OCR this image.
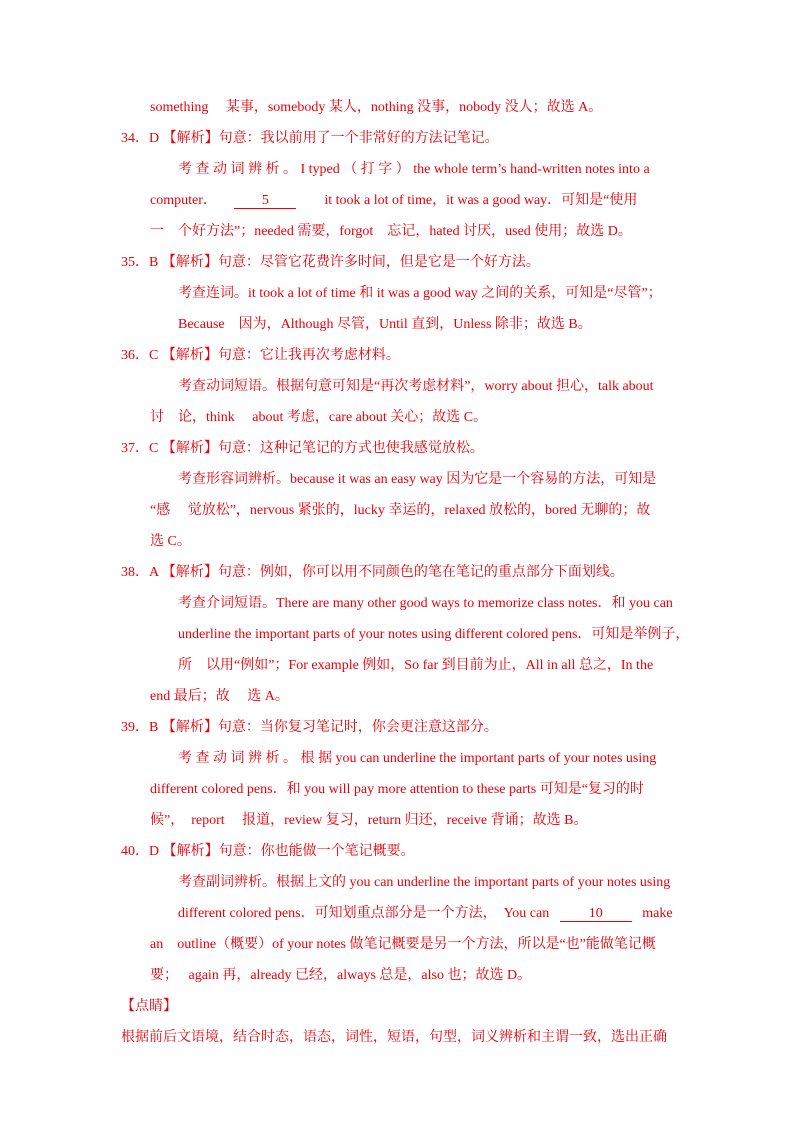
something　 某事，somebody 某人，nothing 没事，nobody 没人；故选 A。
34．D 【解析】句意：我以前用了一个非常好的方法记笔记。
考 查 动 词 辨 析 。 I typed （ 打 字 ） the whole term’s hand-written notes into a
computer．	5	it took a lot of time，it was a good way．可知是“使用
一　个好方法”；needed 需要，forgot　忘记，hated 讨厌，used 使用；故选 D。
35．B 【解析】句意：尽管它花费许多时间，但是它是一个好方法。
考查连词。it took a lot of time 和 it was a good way 之间的关系，可知是“尽管”；
Because　因为，Although 尽管，Until 直到，Unless 除非；故选 B。
36．C 【解析】句意：它让我再次考虑材料。
考查动词短语。根据句意可知是“再次考虑材料”，worry about 担心，talk about
讨　论，think　 about 考虑，care about 关心；故选 C。
37．C 【解析】句意：这种记笔记的方式也使我感觉放松。
考查形容词辨析。because it was an easy way 因为它是一个容易的方法，可知是
“感　 觉放松”，nervous 紧张的，lucky 幸运的，relaxed 放松的，bored 无聊的；故
选 C。
38．A 【解析】句意：例如，你可以用不同颜色的笔在笔记的重点部分下面划线。
考查介词短语。There are many other good ways to memorize class notes．和 you can
underline the important parts of your notes using different colored pens．可知是举例子，
所　以用“例如”；For example 例如，So far 到目前为止，All in all 总之，In the
end 最后；故　 选 A。
39．B 【解析】句意：当你复习笔记时，你会更注意这部分。
考 查 动 词 辨 析 。 根 据 you can underline the important parts of your notes using
different colored pens．和 you will pay more attention to these parts 可知是“复习的时
候”，　report　 报道，review 复习，return 归还，receive 背诵；故选 B。
40．D 【解析】句意：你也能做一个笔记概要。
考查副词辨析。根据上文的 you can underline the important parts of your notes using
different colored pens．可知划重点部分是一个方法，　You can	10	make
an　outline（概要）of your notes 做笔记概要是另一个方法，所以是“也”能做笔记概
要；　 again 再，already 已经，always 总是，also 也；故选 D。
【点睛】
根据前后文语境，结合时态，语态，词性，短语，句型，词义辨析和主谓一致，选出正确
